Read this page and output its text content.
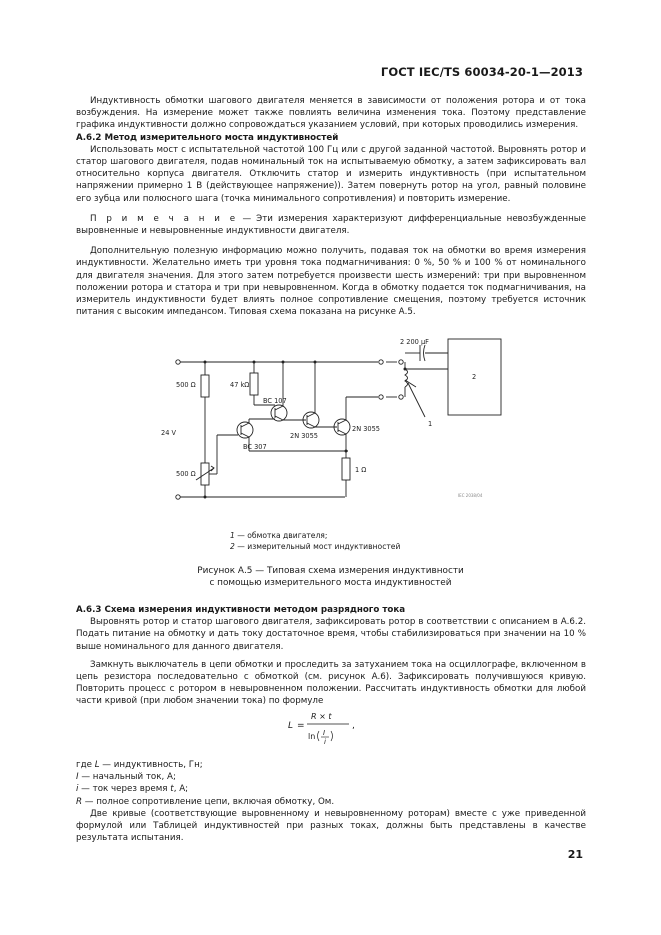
ГОСТ IEC/TS 60034-20-1—2013

Индуктивность обмотки шагового двигателя меняется в зависимости от положения ротора и от тока возбуждения. На измерение может также повлиять величина изменения тока. Поэтому представление графика индуктивности должно сопровождаться указанием условий, при которых проводились измерения.

А.6.2 Метод измерительного моста индуктивностей

Использовать мост с испытательной частотой 100 Гц или с другой заданной частотой. Выровнять ротор и статор шагового двигателя, подав номинальный ток на испытываемую обмотку, а затем зафиксировать вал относительно корпуса двигателя. Отключить статор и измерить индуктивность (при испытательном напряжении примерно 1 В (действующее напряжение)). Затем повернуть ротор на угол, равный половине его зубца или полюсного шага (точка минимального сопротивления) и повторить измерение.

П р и м е ч а н и е — Эти измерения характеризуют дифференциальные невозбужденные выровненные и невыровненные индуктивности двигателя.

Дополнительную полезную информацию можно получить, подавая ток на обмотки во время измерения индуктивности. Желательно иметь три уровня тока подмагничивания: 0 %, 50 % и 100 % от номинального для двигателя значения. Для этого затем потребуется произвести шесть измерений: три при выровненном положении ротора и статора и три при невыровненном. Когда в обмотку подается ток подмагничивания, на измеритель индуктивности будет влиять полное сопротивление смещения, поэтому требуется источник питания с высоким импедансом. Типовая схема показана на рисунке А.5.

500 Ω	47 kΩ
24 V
500 Ω	1 Ω
BC 107
BC 307
2N 3055
2N 3055
2 200 µF
2
1
IEC 2038/04
1 — обмотка двигателя;
2 — измерительный мост индуктивностей
Рисунок А.5 — Типовая схема измерения индуктивности
с помощью измерительного моста индуктивностей

А.6.3 Схема измерения индуктивности методом разрядного тока

Выровнять ротор и статор шагового двигателя, зафиксировать ротор в соответствии с описанием в А.6.2. Подать питание на обмотку и дать току достаточное время, чтобы стабилизироваться при значении на 10 % выше номинального для данного двигателя.

Замкнуть выключатель в цепи обмотки и проследить за затуханием тока на осциллографе, включенном в цепь резистора последовательно с обмоткой (см. рисунок А.6). Зафиксировать получившуюся кривую. Повторить процесс с ротором в невыровненном положении. Рассчитать индуктивность обмотки для любой части кривой (при любом значении тока) по формуле

L =
R × t
ln I
i
,

где L — индуктивность, Гн;

I — начальный ток, А;

i — ток через время t, А;

R — полное сопротивление цепи, включая обмотку, Ом.

Две кривые (соответствующие выровненному и невыровненному роторам) вместе с уже приведенной формулой или Таблицей индуктивностей при разных токах, должны быть представлены в качестве результата испытания.

21
